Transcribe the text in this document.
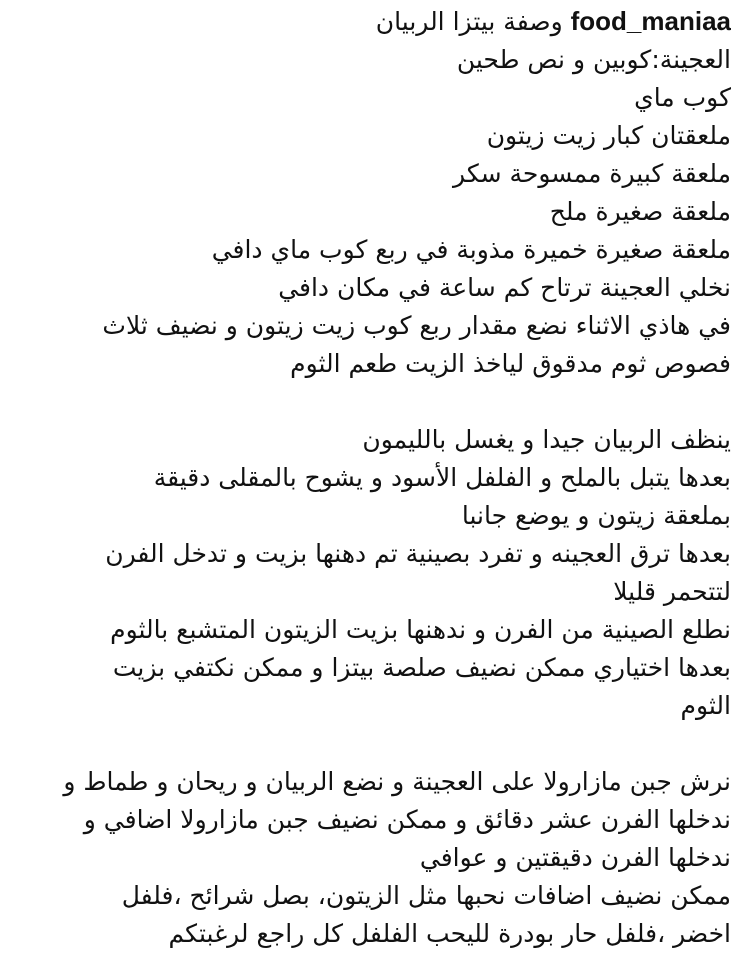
food_maniaa وصفة بيتزا الربيان
العجينة:كوبين و نص طحين
كوب ماي
ملعقتان كبار زيت زيتون
ملعقة كبيرة ممسوحة سكر
ملعقة صغيرة ملح
ملعقة صغيرة خميرة مذوبة في ربع كوب ماي دافي
نخلي العجينة ترتاح كم ساعة في مكان دافي
في هاذي الاثناء نضع مقدار ربع كوب زيت زيتون و نضيف ثلاث
فصوص ثوم مدقوق لياخذ الزيت طعم الثوم
ينظف الربيان جيدا و يغسل بالليمون
بعدها يتبل بالملح و الفلفل الأسود و يشوح بالمقلى دقيقة
بملعقة زيتون و يوضع جانبا
بعدها ترق العجينه و تفرد بصينية تم دهنها بزيت و تدخل الفرن
لتتحمر قليلا
نطلع الصينية من الفرن و ندهنها بزيت الزيتون المتشبع بالثوم
بعدها اختياري ممكن نضيف صلصة بيتزا و ممكن نكتفي بزيت
الثوم
نرش جبن مازارولا على العجينة و نضع الربيان و ريحان و طماط و
ندخلها الفرن عشر دقائق و ممكن نضيف جبن مازارولا اضافي و
ندخلها الفرن دقيقتين و عوافي
ممكن نضيف اضافات نحبها مثل الزيتون، بصل شرائح ،فلفل
اخضر ،فلفل حار بودرة لليحب الفلفل كل راجع لرغبتكم
